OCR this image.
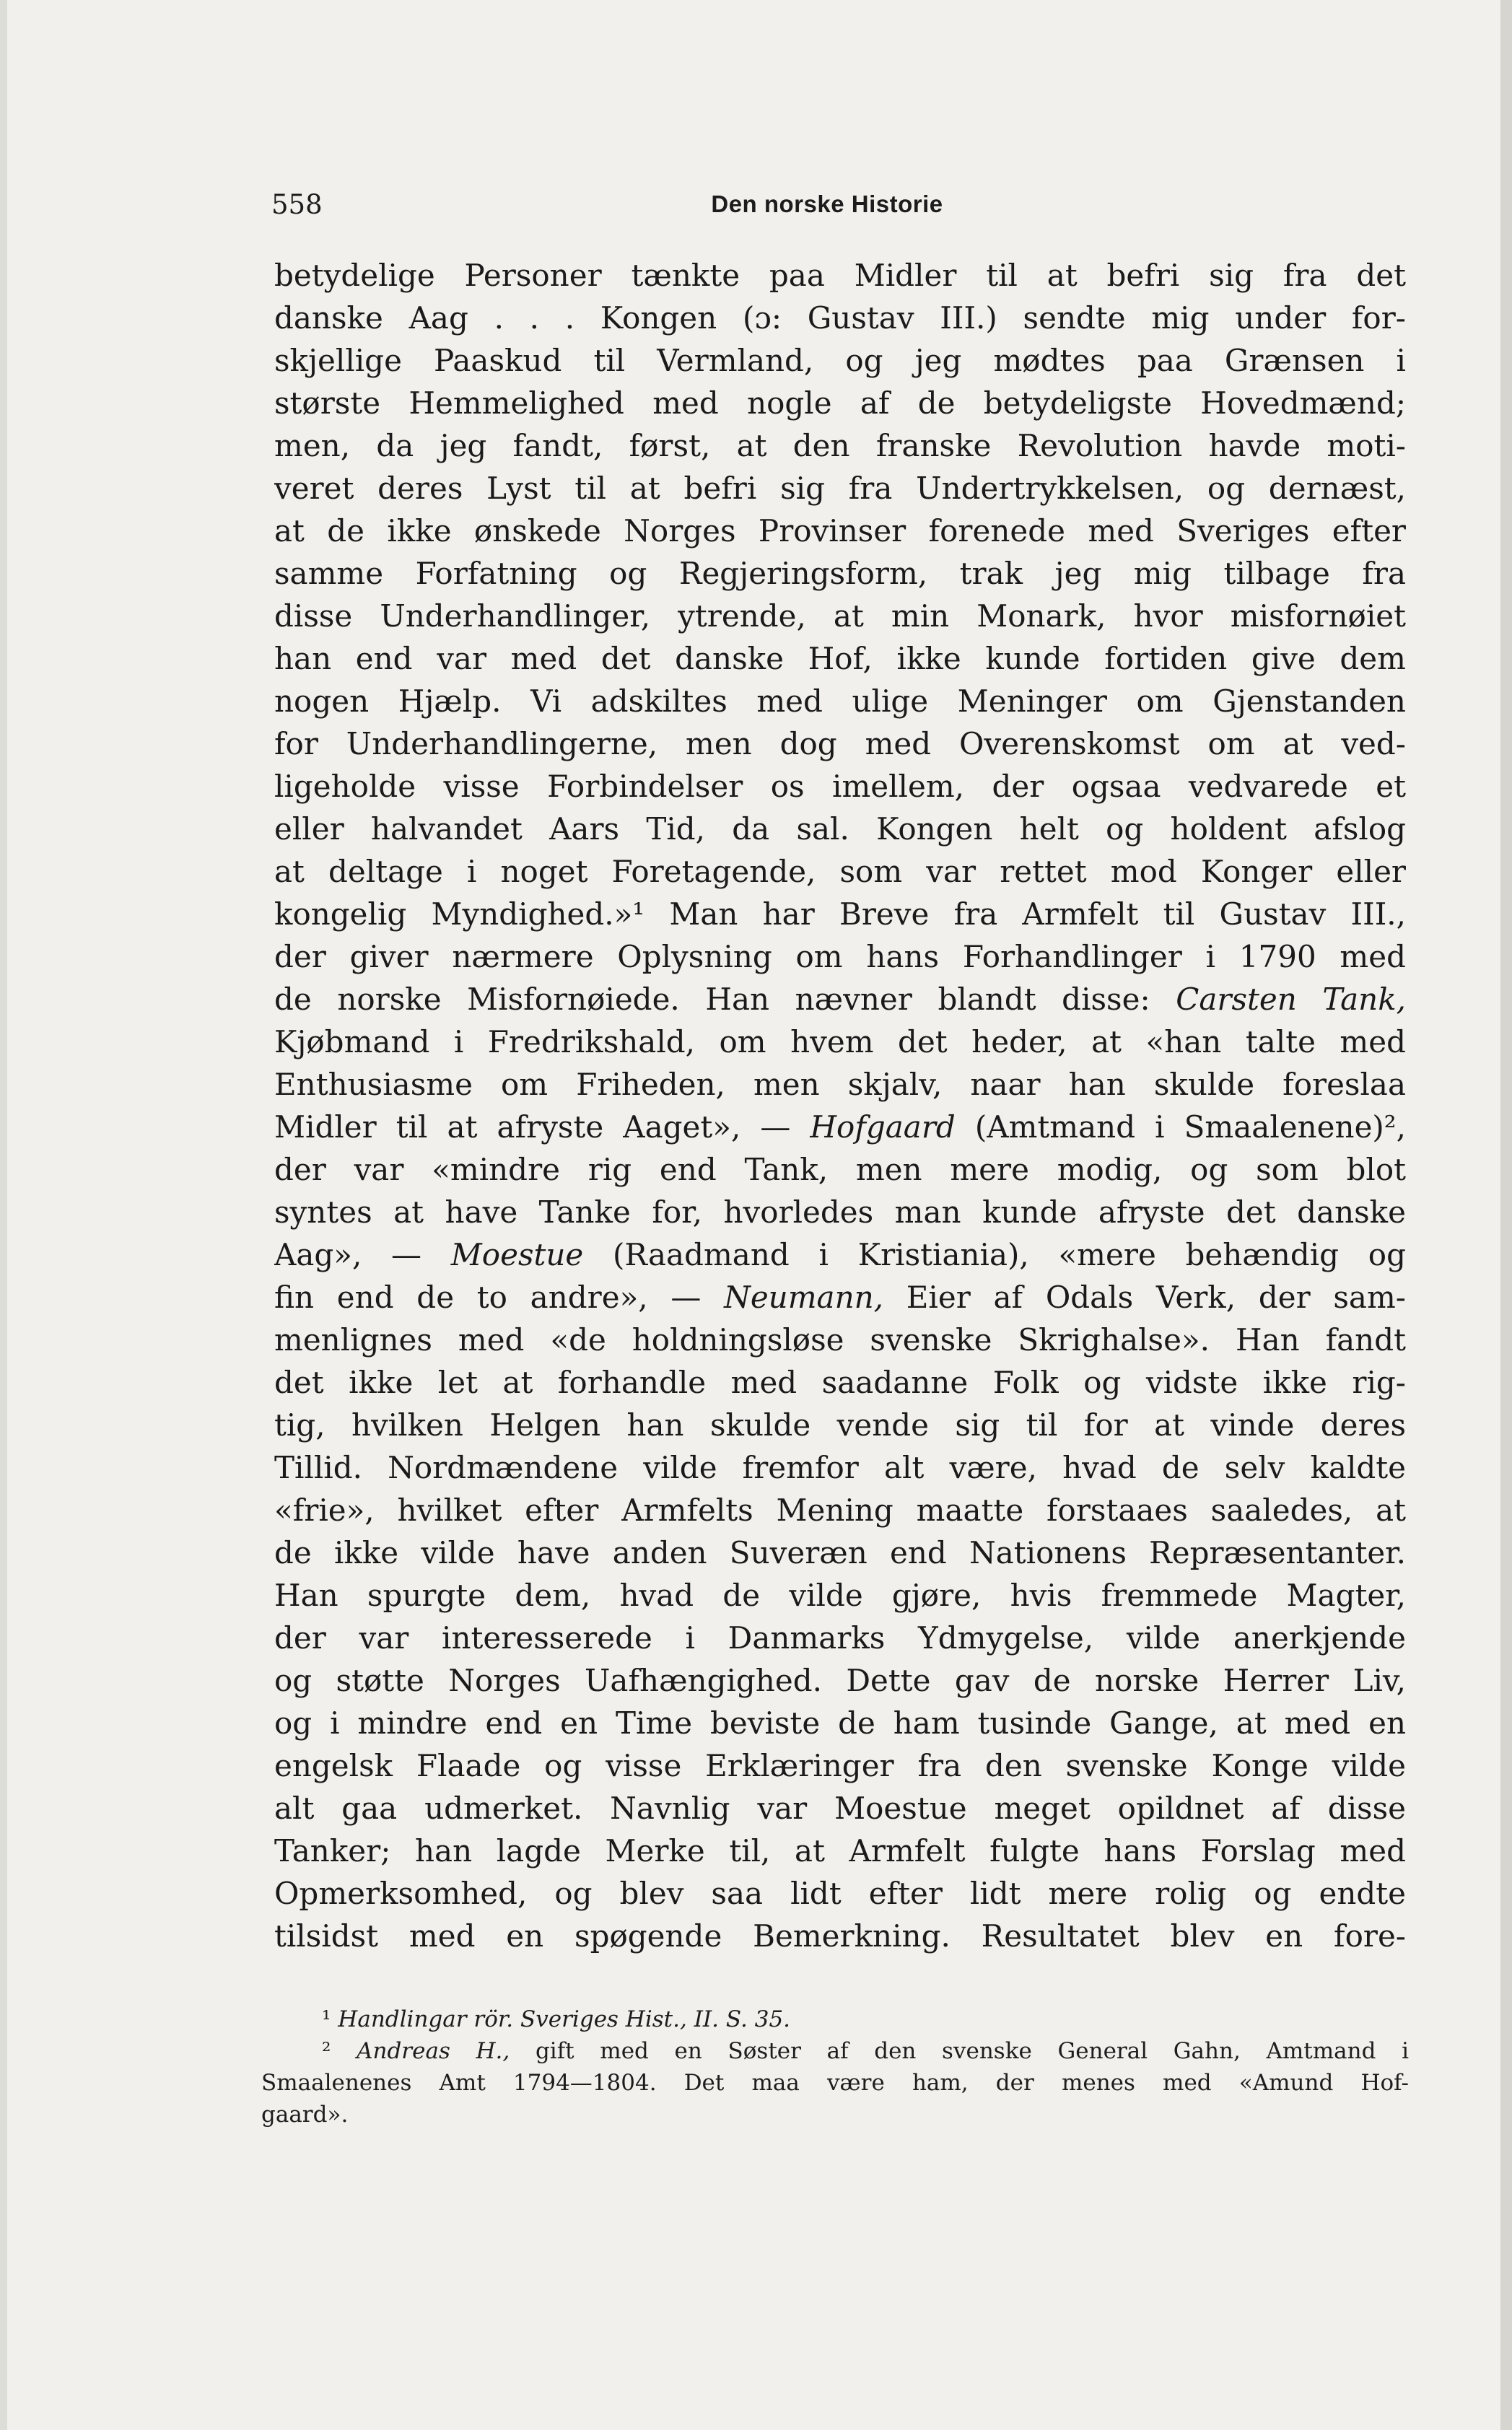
558	Den norske Historie
betydelige Personer tænkte paa Midler til at befri sig fra det
danske Aag . . . Kongen (ɔ: Gustav III.) sendte mig under for-
skjellige Paaskud til Vermland, og jeg mødtes paa Grænsen i
største Hemmelighed med nogle af de betydeligste Hovedmænd;
men, da jeg fandt, først, at den franske Revolution havde moti-
veret deres Lyst til at befri sig fra Undertrykkelsen, og dernæst,
at de ikke ønskede Norges Provinser forenede med Sveriges efter
samme Forfatning og Regjeringsform, trak jeg mig tilbage fra
disse Underhandlinger, ytrende, at min Monark, hvor misfornøiet
han end var med det danske Hof, ikke kunde fortiden give dem
nogen Hjælp. Vi adskiltes med ulige Meninger om Gjenstanden
for Underhandlingerne, men dog med Overenskomst om at ved-
ligeholde visse Forbindelser os imellem, der ogsaa vedvarede et
eller halvandet Aars Tid, da sal. Kongen helt og holdent afslog
at deltage i noget Foretagende, som var rettet mod Konger eller
kongelig Myndighed.»¹ Man har Breve fra Armfelt til Gustav III.,
der giver nærmere Oplysning om hans Forhandlinger i 1790 med
de norske Misfornøiede. Han nævner blandt disse: Carsten Tank,
Kjøbmand i Fredrikshald, om hvem det heder, at «han talte med
Enthusiasme om Friheden, men skjalv, naar han skulde foreslaa
Midler til at afryste Aaget», — Hofgaard (Amtmand i Smaalenene)²,
der var «mindre rig end Tank, men mere modig, og som blot
syntes at have Tanke for, hvorledes man kunde afryste det danske
Aag», — Moestue (Raadmand i Kristiania), «mere behændig og
fin end de to andre», — Neumann, Eier af Odals Verk, der sam-
menlignes med «de holdningsløse svenske Skrighalse». Han fandt
det ikke let at forhandle med saadanne Folk og vidste ikke rig-
tig, hvilken Helgen han skulde vende sig til for at vinde deres
Tillid. Nordmændene vilde fremfor alt være, hvad de selv kaldte
«frie», hvilket efter Armfelts Mening maatte forstaaes saaledes, at
de ikke vilde have anden Suveræn end Nationens Repræsentanter.
Han spurgte dem, hvad de vilde gjøre, hvis fremmede Magter,
der var interesserede i Danmarks Ydmygelse, vilde anerkjende
og støtte Norges Uafhængighed. Dette gav de norske Herrer Liv,
og i mindre end en Time beviste de ham tusinde Gange, at med en
engelsk Flaade og visse Erklæringer fra den svenske Konge vilde
alt gaa udmerket. Navnlig var Moestue meget opildnet af disse
Tanker; han lagde Merke til, at Armfelt fulgte hans Forslag med
Opmerksomhed, og blev saa lidt efter lidt mere rolig og endte
tilsidst med en spøgende Bemerkning. Resultatet blev en fore-
¹ Handlingar rör. Sveriges Hist., II. S. 35.
² Andreas H., gift med en Søster af den svenske General Gahn, Amtmand i
Smaalenenes Amt 1794—1804. Det maa være ham, der menes med «Amund Hof-
gaard».
